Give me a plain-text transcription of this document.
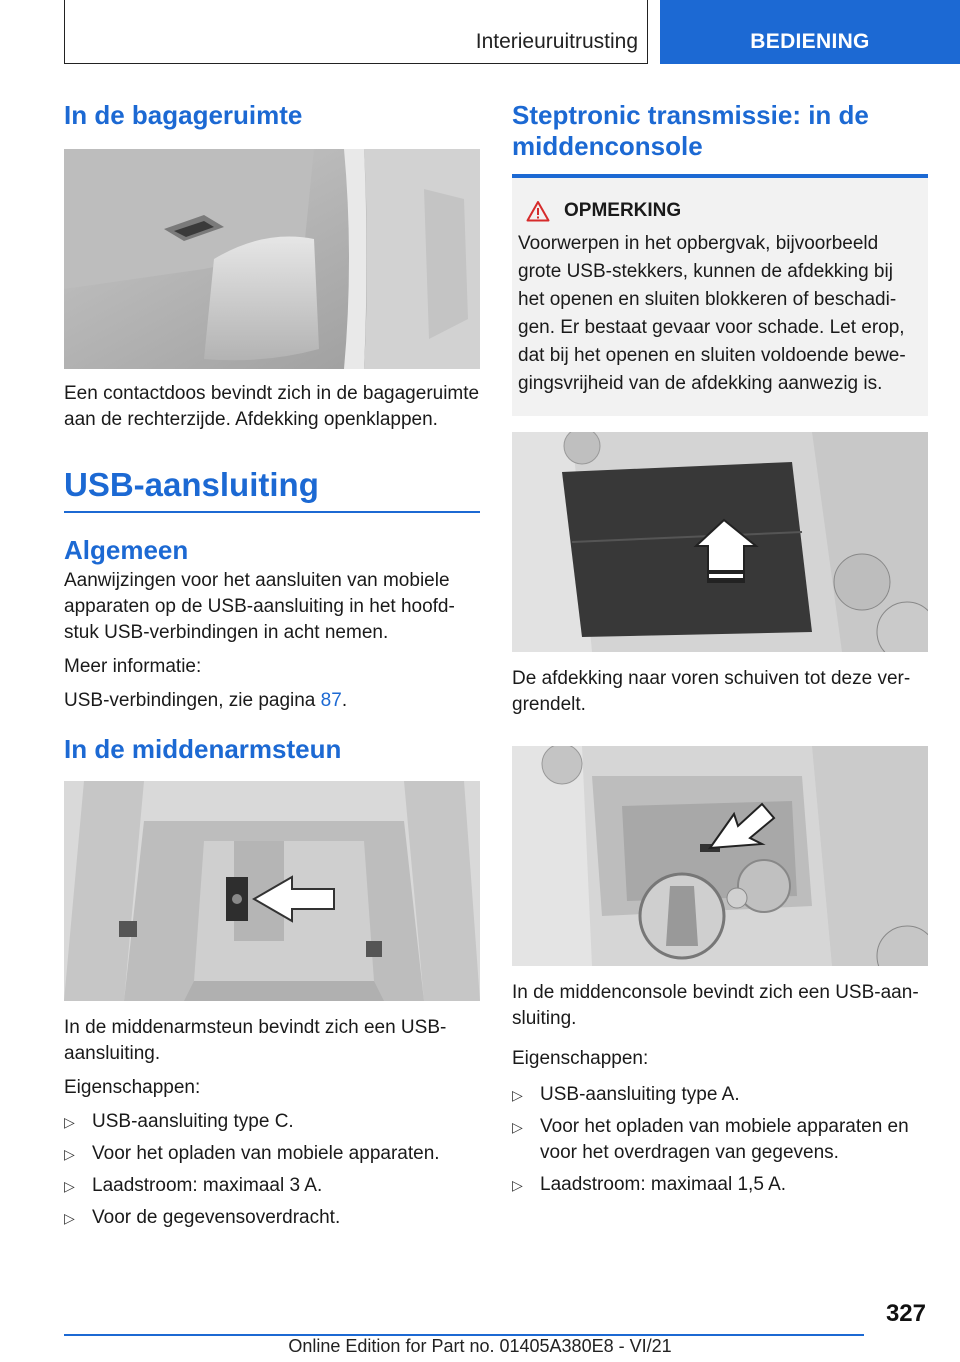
Interieuruitrusting	BEDIENING
In de bagageruimte

Een contactdoos bevindt zich in de bagageruimte aan de rechterzijde. Afdekking openklappen.

USB-aansluiting
Algemeen

Aanwijzingen voor het aansluiten van mobiele apparaten op de USB-aansluiting in het hoofdstuk USB-verbindingen in acht nemen.

Meer informatie:

USB-verbindingen, zie pagina 87.

In de middenarmsteun

In de middenarmsteun bevindt zich een USB-aansluiting.

Eigenschappen:

▷ USB-aansluiting type C.
▷ Voor het opladen van mobiele apparaten.
▷ Laadstroom: maximaal 3 A.
▷ Voor de gegevensoverdracht.
Steptronic transmissie: in de middenconsole
OPMERKING

Voorwerpen in het opbergvak, bijvoorbeeld grote USB-stekkers, kunnen de afdekking bij het openen en sluiten blokkeren of beschadigen. Er bestaat gevaar voor schade. Let erop, dat bij het openen en sluiten voldoende bewegingsvrijheid van de afdekking aanwezig is.

De afdekking naar voren schuiven tot deze vergrendelt.

In de middenconsole bevindt zich een USB-aansluiting.

Eigenschappen:

▷ USB-aansluiting type A.
▷ Voor het opladen van mobiele apparaten en voor het overdragen van gegevens.
▷ Laadstroom: maximaal 1,5 A.
327
Online Edition for Part no. 01405A380E8 - VI/21
